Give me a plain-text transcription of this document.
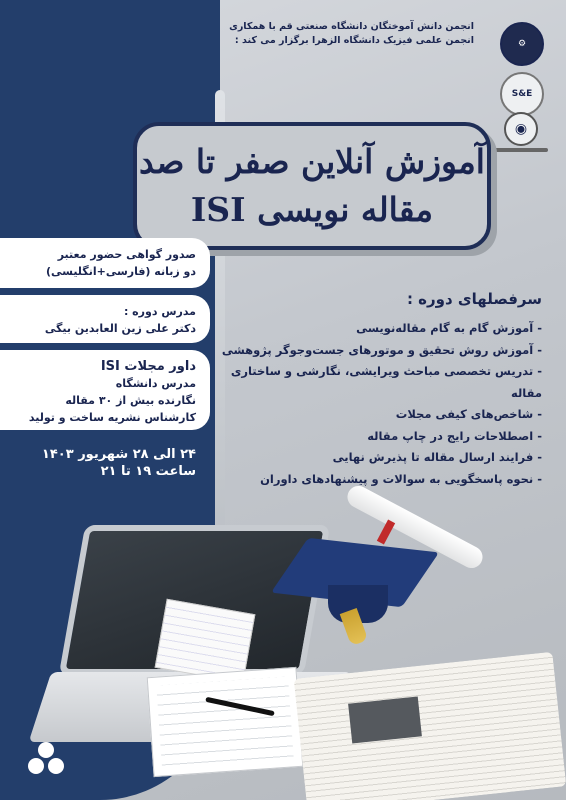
انجمن دانش آموختگان دانشگاه صنعتی قم با همکاری
انجمن علمی فیزیک دانشگاه الزهرا برگزار می کند :	⚙
S&E
◉
آموزش آنلاین صفر تا صد
مقاله نویسی ISI
صدور گواهی حضور معتبر
دو زبانه (فارسی+انگلیسی)
مدرس دوره :
دکتر علی زین العابدین بیگی
داور مجلات ISI
مدرس دانشگاه
نگارنده بیش از ۳۰ مقاله
کارشناس نشریه ساخت و تولید
۲۴ الی ۲۸ شهریور ۱۴۰۳
ساعت ۱۹ تا ۲۱
سرفصلهای دوره :
- آموزش گام به گام مقاله‌نویسی
- آموزش روش تحقیق و موتورهای جست‌وجوگر پژوهشی
- تدریس تخصصی مباحث ویرایشی، نگارشی و ساختاری مقاله
- شاخص‌های کیفی مجلات
- اصطلاحات رایج در چاپ مقاله
- فرایند ارسال مقاله تا پذیرش نهایی
- نحوه پاسخگویی به سوالات و پیشنهادهای داوران
